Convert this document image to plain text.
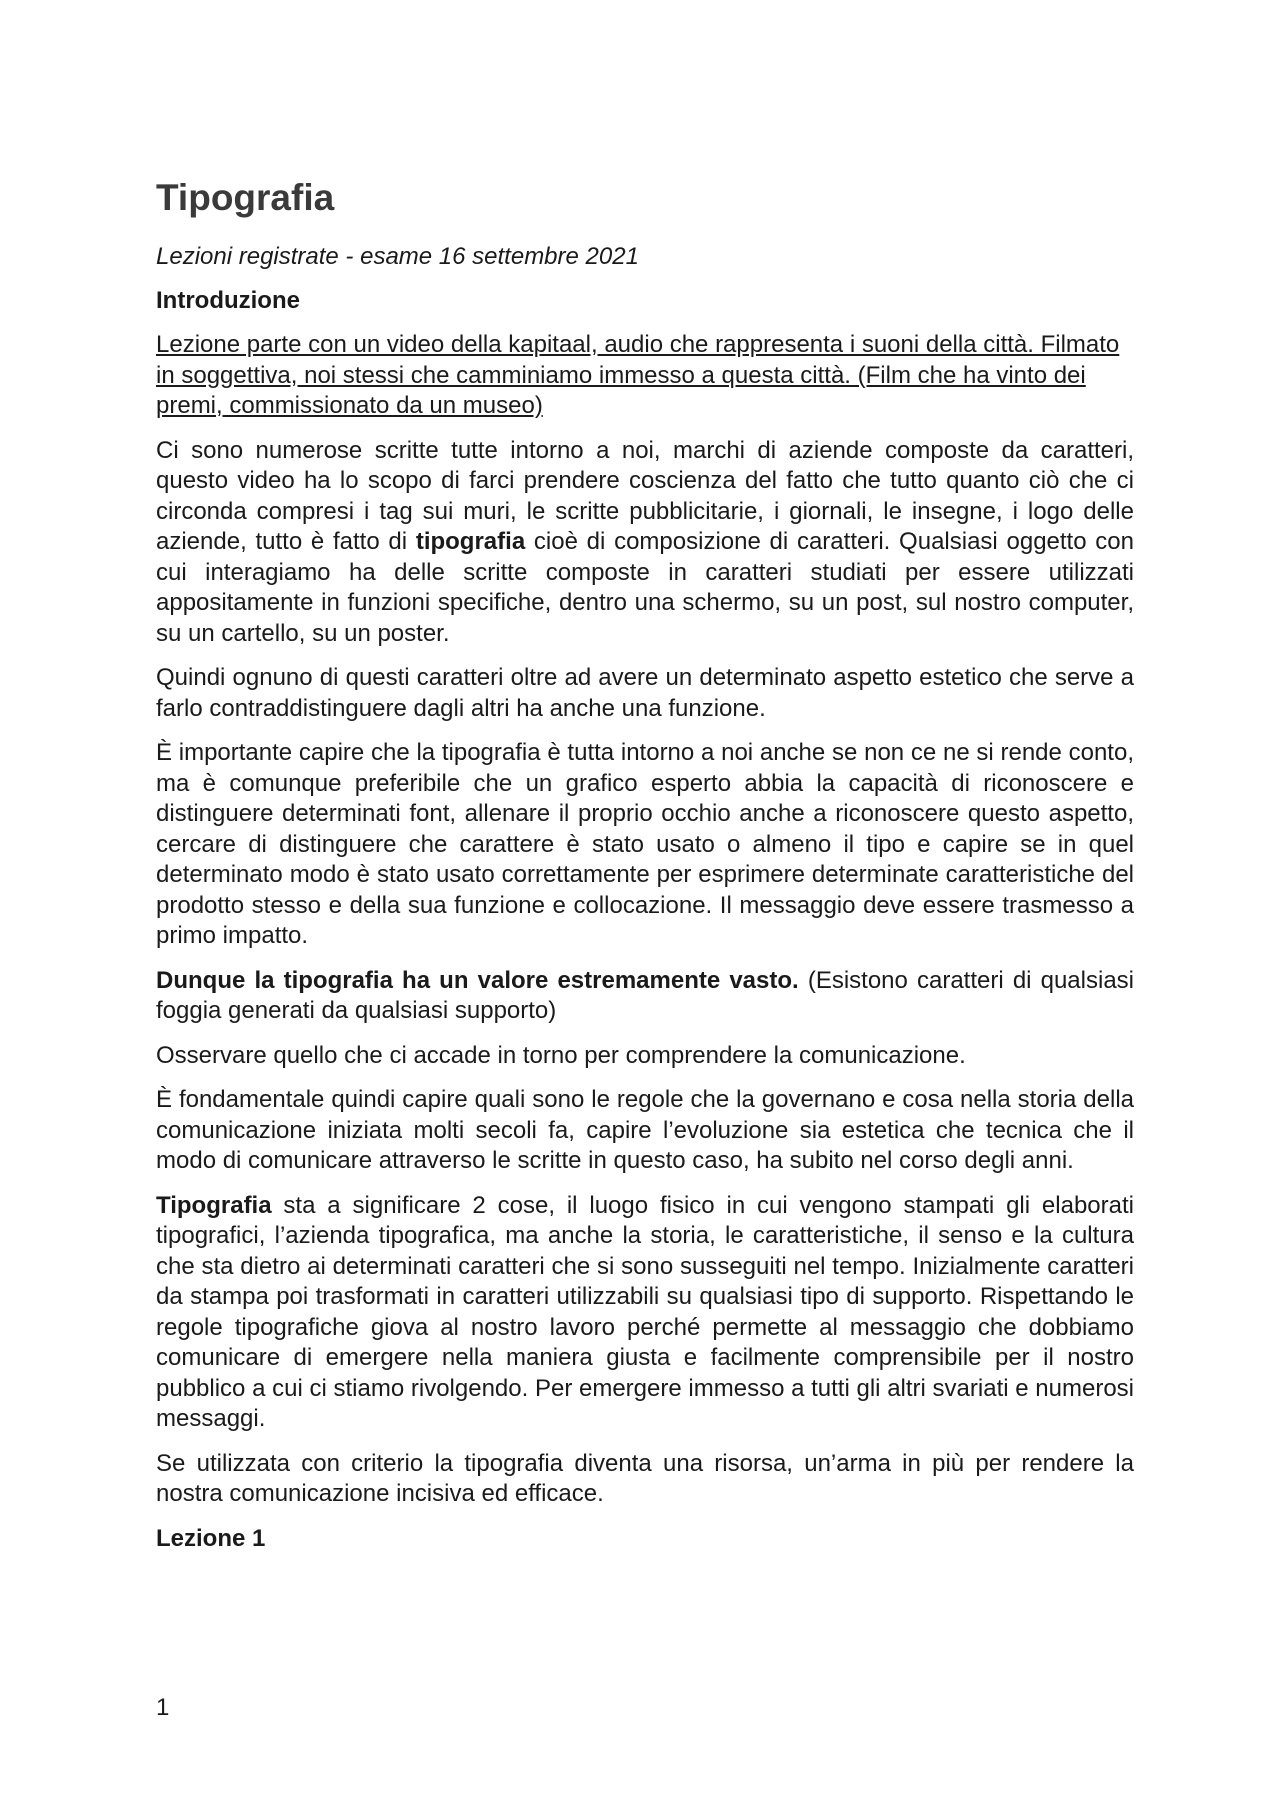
Tipografia
Lezioni registrate - esame 16 settembre 2021
Introduzione

Lezione parte con un video della kapitaal, audio che rappresenta i suoni della città. Filmato in soggettiva, noi stessi che camminiamo immesso a questa città. (Film che ha vinto dei premi, commissionato da un museo)

Ci sono numerose scritte tutte intorno a noi, marchi di aziende composte da caratteri, questo video ha lo scopo di farci prendere coscienza del fatto che tutto quanto ciò che ci circonda compresi i tag sui muri, le scritte pubblicitarie, i giornali, le insegne, i logo delle aziende, tutto è fatto di tipografia cioè di composizione di caratteri. Qualsiasi oggetto con cui interagiamo ha delle scritte composte in caratteri studiati per essere utilizzati appositamente in funzioni specifiche, dentro una schermo, su un post, sul nostro computer, su un cartello, su un poster.

Quindi ognuno di questi caratteri oltre ad avere un determinato aspetto estetico che serve a farlo contraddistinguere dagli altri ha anche una funzione.

È importante capire che la tipografia è tutta intorno a noi anche se non ce ne si rende conto, ma è comunque preferibile che un grafico esperto abbia la capacità di riconoscere e distinguere determinati font, allenare il proprio occhio anche a riconoscere questo aspetto, cercare di distinguere che carattere è stato usato o almeno il tipo e capire se in quel determinato modo è stato usato correttamente per esprimere determinate caratteristiche del prodotto stesso e della sua funzione e collocazione. Il messaggio deve essere trasmesso a primo impatto.

Dunque la tipografia ha un valore estremamente vasto. (Esistono caratteri di qualsiasi foggia generati da qualsiasi supporto)

Osservare quello che ci accade in torno per comprendere la comunicazione.

È fondamentale quindi capire quali sono le regole che la governano e cosa nella storia della comunicazione iniziata molti secoli fa, capire l’evoluzione sia estetica che tecnica che il modo di comunicare attraverso le scritte in questo caso, ha subito nel corso degli anni.

Tipografia sta a significare 2 cose, il luogo fisico in cui vengono stampati gli elaborati tipografici, l’azienda tipografica, ma anche la storia, le caratteristiche, il senso e la cultura che sta dietro ai determinati caratteri che si sono susseguiti nel tempo. Inizialmente caratteri da stampa poi trasformati in caratteri utilizzabili su qualsiasi tipo di supporto. Rispettando le regole tipografiche giova al nostro lavoro perché permette al messaggio che dobbiamo comunicare di emergere nella maniera giusta e facilmente comprensibile per il nostro pubblico a cui ci stiamo rivolgendo. Per emergere immesso a tutti gli altri svariati e numerosi messaggi.

Se utilizzata con criterio la tipografia diventa una risorsa, un’arma in più per rendere la nostra comunicazione incisiva ed efficace.

Lezione 1
1
